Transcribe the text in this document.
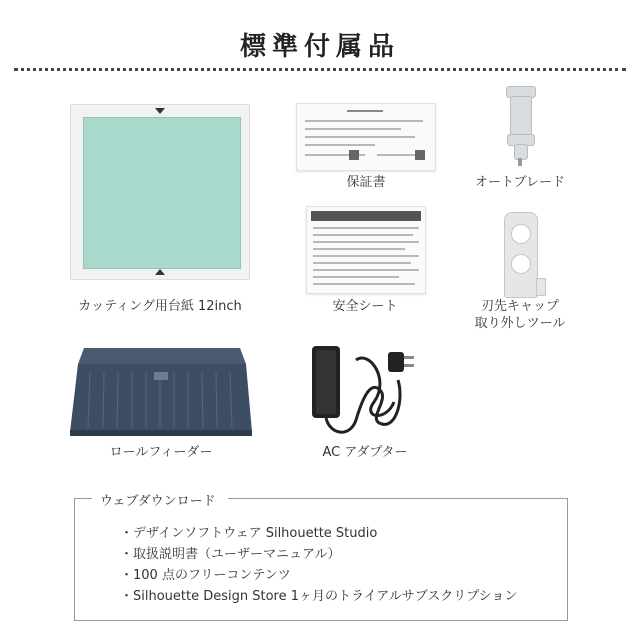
標準付属品
カッティング用台紙 12inch
保証書	オートブレード
安全シート	刃先キャップ
取り外しツール
ロールフィーダー	AC アダプター
ウェブダウンロード
・デザインソフトウェア Silhouette Studio
・取扱説明書（ユーザーマニュアル）
・100 点のフリーコンテンツ
・Silhouette Design Store 1ヶ月のトライアルサブスクリプション
